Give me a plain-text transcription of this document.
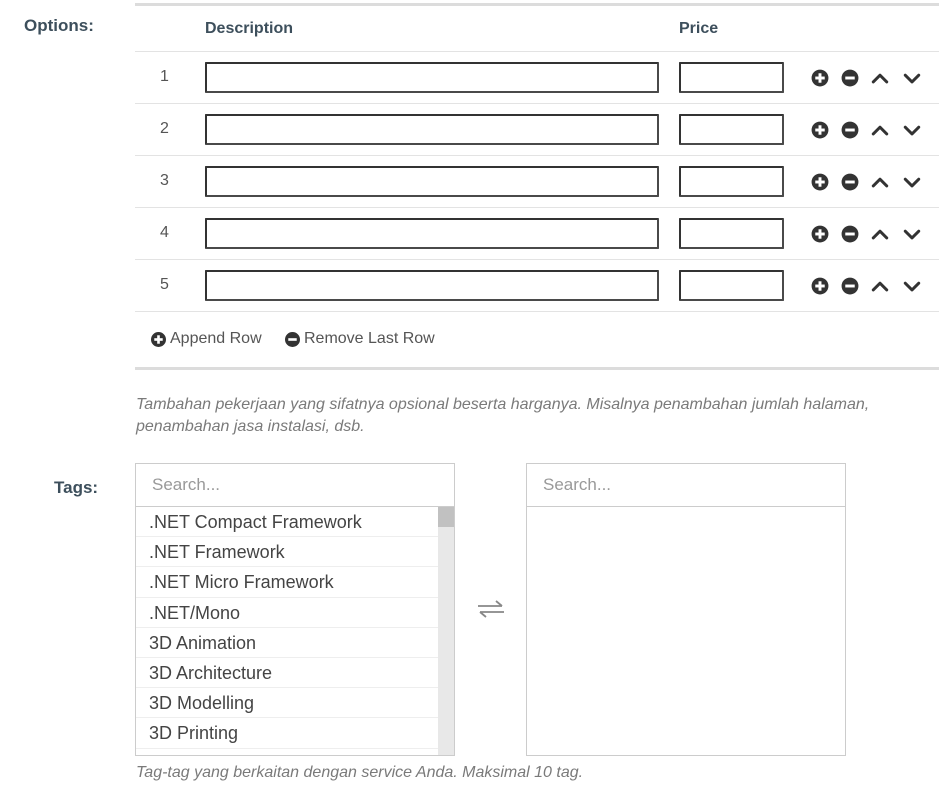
Options:	Description	Price
1
2
3
4
5
Append Row	Remove Last Row
Tambahan pekerjaan yang sifatnya opsional beserta harganya. Misalnya penambahan jumlah halaman, penambahan jasa instalasi, dsb.
Tags:	Search...
.NET Compact Framework
.NET Framework
.NET Micro Framework
.NET/Mono
3D Animation
3D Architecture
3D Modelling
3D Printing
Search...
Tag-tag yang berkaitan dengan service Anda. Maksimal 10 tag.
